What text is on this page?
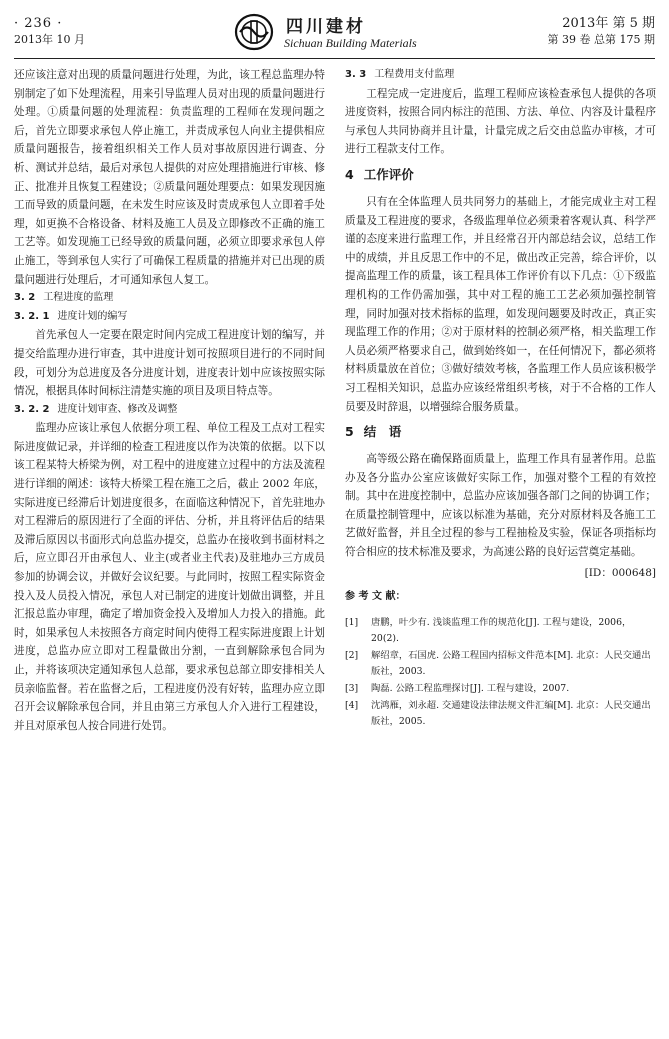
· 236 ·
2013年 10 月
四川建材
Sichuan Building Materials
2013年 第 5 期
第 39 卷 总第 175 期

还应该注意对出现的质量问题进行处理，为此，该工程总监理办特别制定了如下处理流程，用来引导监理人员对出现的质量问题进行处理。①质量问题的处理流程：负责监理的工程师在发现问题之后，首先立即要求承包人停止施工，并责成承包人向业主提供相应质量问题报告，接着组织相关工作人员对事故原因进行调查、分析、测试并总结，最后对承包人提供的对应处理措施进行审核、修正、批准并且恢复工程建设；②质量问题处理要点：如果发现因施工而导致的质量问题，在未发生时应该及时责成承包人立即着手处理，如更换不合格设备、材料及施工人员及立即修改不正确的施工工艺等。如发现施工已经导致的质量问题，必须立即要求承包人停止施工，等到承包人实行了可确保工程质量的措施并对已出现的质量问题进行处理后，才可通知承包人复工。

3. 2 工程进度的监理
3. 2. 1 进度计划的编写

首先承包人一定要在限定时间内完成工程进度计划的编写，并提交给监理办进行审查，其中进度计划可按照项目进行的不同时间段，可划分为总进度及各分进度计划，进度表计划中应该按照实际情况，根据具体时间标注清楚实施的项目及项目特点等。

3. 2. 2 进度计划审查、修改及调整

监理办应该让承包人依据分项工程、单位工程及工点对工程实际进度做记录，并详细的检查工程进度以作为决策的依据。以下以该工程某特大桥梁为例，对工程中的进度建立过程中的方法及流程进行详细的阐述：该特大桥梁工程在施工之后，截止 2002 年底，实际进度已经滞后计划进度很多，在面临这种情况下，首先驻地办对工程滞后的原因进行了全面的评估、分析，并且将评估后的结果及滞后原因以书面形式向总监办提交，总监办在接收到书面材料之后，应立即召开由承包人、业主(或者业主代表)及驻地办三方成员参加的协调会议，并做好会议纪要。与此同时，按照工程实际资金投入及人员投入情况，承包人对已制定的进度计划做出调整，并且汇报总监办审理，确定了增加资金投入及增加人力投入的措施。此时，如果承包人未按照各方商定时间内使得工程实际进度跟上计划进度，总监办应立即对工程量做出分割，一直到解除承包合同为止，并将该项决定通知承包人总部，要求承包总部立即安排相关人员亲临监督。若在监督之后，工程进度仍没有好转，监理办应立即召开会议解除承包合同，并且由第三方承包人介入进行工程建设，并且对原承包人按合同进行处罚。

3. 3 工程费用支付监理

工程完成一定进度后，监理工程师应该检查承包人提供的各项进度资料，按照合同内标注的范围、方法、单位、内容及计量程序与承包人共同协商并且计量，计量完成之后交由总监办审核，才可进行工程款支付工作。

4 工作评价

只有在全体监理人员共同努力的基础上，才能完成业主对工程质量及工程进度的要求，各级监理单位必须秉着客观认真、科学严谨的态度来进行监理工作，并且经常召开内部总结会议，总结工作中的成绩，并且反思工作中的不足，做出改正完善，综合评价，以提高监理工作的质量，该工程具体工作评价有以下几点：①下级监理机构的工作仍需加强，其中对工程的施工工艺必须加强控制管理，同时加强对技术指标的监理，如发现问题要及时改正，真正实现监理工作的作用；②对于原材料的控制必须严格，相关监理工作人员必须严格要求自己，做到始终如一，在任何情况下，都必须将材料质量放在首位；③做好绩效考核，各监理工作人员应该积极学习工程相关知识，总监办应该经常组织考核，对于不合格的工作人员要及时辞退，以增强综合服务质量。

5 结　语

高等级公路在确保路面质量上，监理工作具有显著作用。总监办及各分监办公室应该做好实际工作，加强对整个工程的有效控制。其中在进度控制中，总监办应该加强各部门之间的协调工作；在质量控制管理中，应该以标准为基础，充分对原材料及各施工工艺做好监督，并且全过程的参与工程抽检及实验，保证各项指标均符合相应的技术标准及要求，为高速公路的良好运营奠定基础。

[ID：000648]
参 考 文 献：
[1] 唐鹏，叶少有. 浅谈监理工作的规范化[J]. 工程与建设，2006，20(2).
[2] 解绍章，石国虎. 公路工程国内招标文件范本[M]. 北京：人民交通出版社，2003.
[3] 陶磊. 公路工程监理探讨[J]. 工程与建设，2007.
[4] 沈鸿雁，刘永超. 交通建设法律法规文件汇编[M]. 北京：人民交通出版社，2005.
